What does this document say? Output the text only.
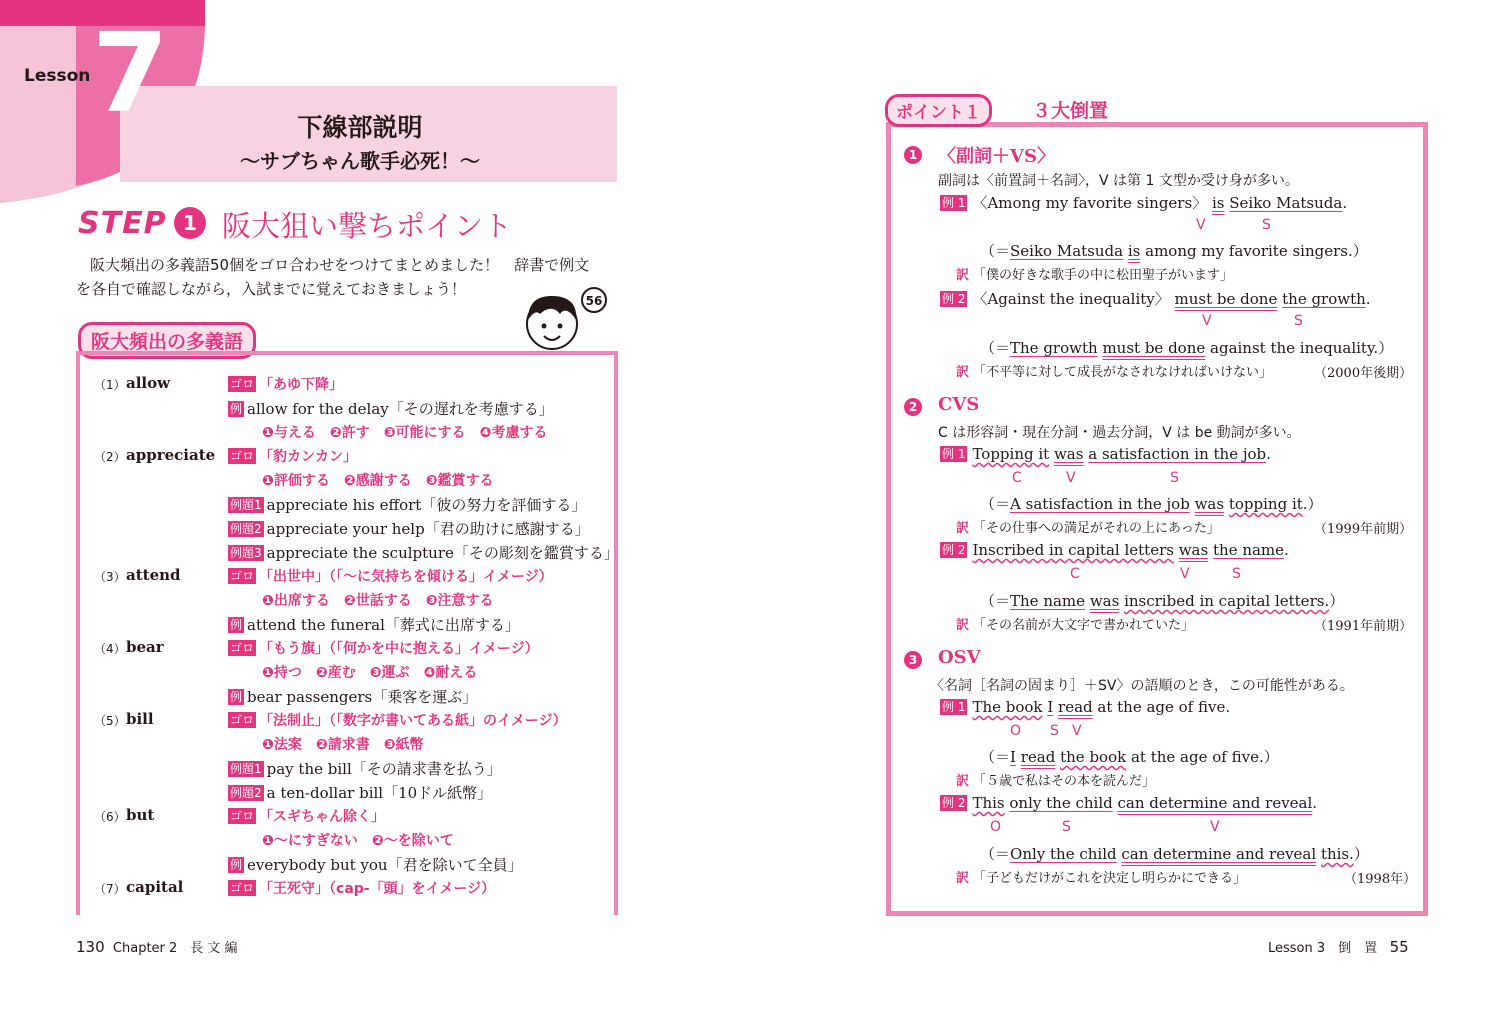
Lesson 7	下線部説明
～サブちゃん歌手必死！～
STEP 1 阪大狙い撃ちポイント
阪大頻出の多義語50個をゴロ合わせをつけてまとめました！　辞書で例文
を各自で確認しながら，入試までに覚えておきましょう！
56
阪大頻出の多義語
（1） allow	ゴロ 「あゆ下降」
例 allow for the delay「その遅れを考慮する」
❶与える　❷許す　❸可能にする　❹考慮する
（2） appreciate ゴロ 「豹カンカン」
❶評価する　❷感謝する　❸鑑賞する
例題1 appreciate his effort「彼の努力を評価する」
例題2 appreciate your help「君の助けに感謝する」
例題3 appreciate the sculpture「その彫刻を鑑賞する」
（3） attend	ゴロ 「出世中」（「～に気持ちを傾ける」イメージ）
❶出席する　❷世話する　❸注意する
例 attend the funeral「葬式に出席する」
（4） bear	ゴロ 「もう旗」（「何かを中に抱える」イメージ）
❶持つ　❷産む　❸運ぶ　❹耐える
例 bear passengers「乗客を運ぶ」
（5） bill	ゴロ 「法制止」（「数字が書いてある紙」のイメージ）
❶法案　❷請求書　❸紙幣
例題1 pay the bill「その請求書を払う」
例題2 a ten-dollar bill「10ドル紙幣」
（6） but	ゴロ 「スギちゃん除く」
❶～にすぎない　❷～を除いて
例 everybody but you「君を除いて全員」
（7） capital	ゴロ 「王死守」（cap-「頭」をイメージ）
130 Chapter 2　長 文 編
ポイント１	３大倒置
1 〈副詞＋VS〉
副詞は〈前置詞＋名詞〉，V は第 1 文型か受け身が多い。
例 1 〈Among my favorite singers〉 is Seiko Matsuda.
V	S
（＝Seiko Matsuda is among my favorite singers.）
訳 「僕の好きな歌手の中に松田聖子がいます」
例 2 〈Against the inequality〉 must be done the growth.
V	S
（＝The growth must be done against the inequality.）
訳 「不平等に対して成長がなされなければいけない」	（2000年後期）
2 CVS
C は形容詞・現在分詞・過去分詞，V は be 動詞が多い。
例 1 Topping it was a satisfaction in the job.
C	V	S
（＝A satisfaction in the job was topping it.）
訳 「その仕事への満足がそれの上にあった」	（1999年前期）
例 2 Inscribed in capital letters was the name.
C	V	S
（＝The name was inscribed in capital letters.）
訳 「その名前が大文字で書かれていた」	（1991年前期）
3 OSV
〈名詞［名詞の固まり］＋SV〉の語順のとき，この可能性がある。
例 1 The book I read at the age of five.
O S V
（＝I read the book at the age of five.）
訳 「５歳で私はその本を読んだ」
例 2 This only the child can determine and reveal.
O	S	V
（＝Only the child can determine and reveal this.）
訳 「子どもだけがこれを決定し明らかにできる」	（1998年）
Lesson 3　倒　置 55
